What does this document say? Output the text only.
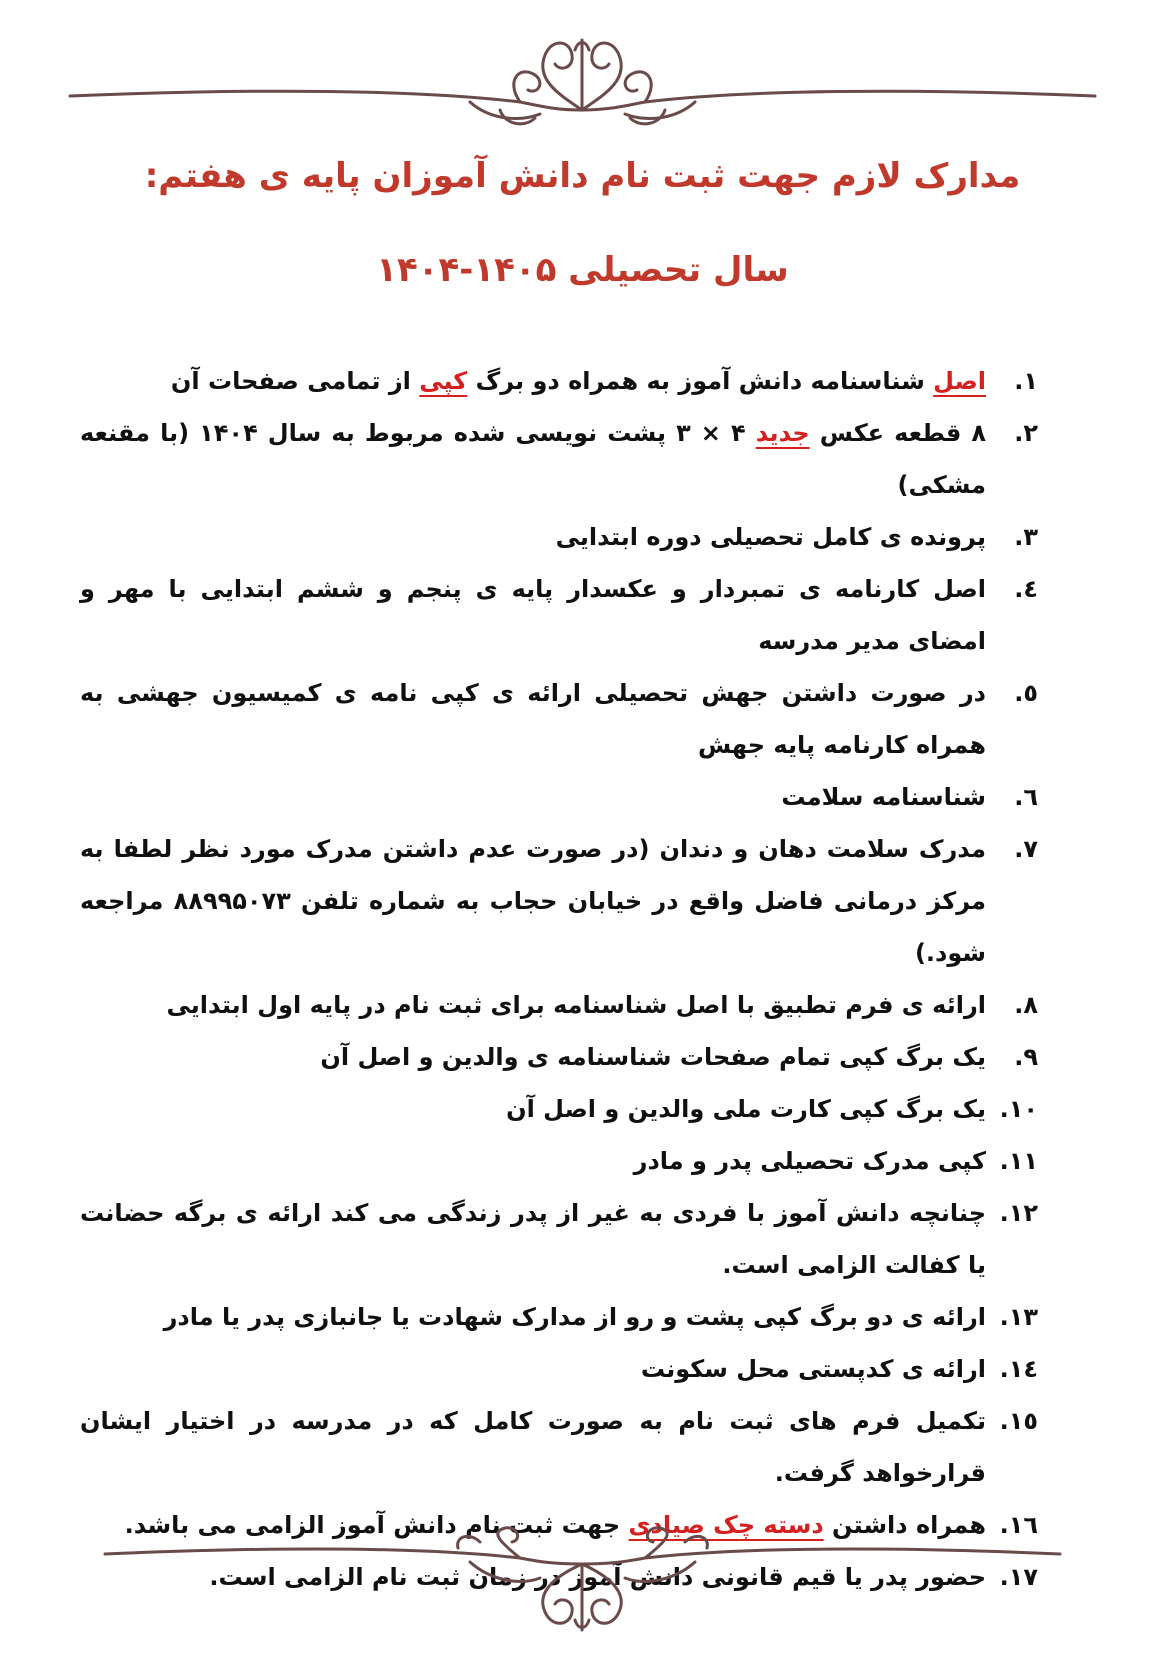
مدارک لازم جهت ثبت نام دانش آموزان پایه ی هفتم:
سال تحصیلی ۱۴۰۵-۱۴۰۴
۱.
اصل شناسنامه دانش آموز به همراه دو برگ کپی از تمامی صفحات آن
۲.
۸ قطعه عکس جدید ۴ × ۳ پشت نویسی شده مربوط به سال ۱۴۰۴ (با مقنعه مشکی)
۳.
پرونده ی کامل تحصیلی دوره ابتدایی
٤.
اصل کارنامه ی تمبردار و عکسدار پایه ی پنجم و ششم ابتدایی با مهر و امضای مدیر مدرسه
٥.
در صورت داشتن جهش تحصیلی ارائه ی کپی نامه ی کمیسیون جهشی به همراه کارنامه پایه جهش
٦.
شناسنامه سلامت
٧.
مدرک سلامت دهان و دندان (در صورت عدم داشتن مدرک مورد نظر لطفا به مرکز درمانی فاضل واقع در خیابان حجاب به شماره تلفن ۸۸۹۹۵۰۷۳ مراجعه شود.)
٨.
ارائه ی فرم تطبیق با اصل شناسنامه برای ثبت نام در پایه اول ابتدایی
٩.
یک برگ کپی تمام صفحات شناسنامه ی والدین و اصل آن
١٠.
یک برگ کپی کارت ملی والدین و اصل آن
١١.
کپی مدرک تحصیلی پدر و مادر
١٢.
چنانچه دانش آموز با فردی به غیر از پدر زندگی می کند ارائه ی برگه حضانت یا کفالت الزامی است.
١٣.
ارائه ی دو برگ کپی پشت و رو از مدارک شهادت یا جانبازی پدر یا مادر
١٤.
ارائه ی کدپستی محل سکونت
١٥.
تکمیل فرم های ثبت نام به صورت کامل که در مدرسه در اختیار ایشان قرارخواهد گرفت.
١٦.
همراه داشتن دسته چک صیادی جهت ثبت نام دانش آموز الزامی می باشد.
١٧.
حضور پدر یا قیم قانونی دانش آموز در زمان ثبت نام الزامی است.
